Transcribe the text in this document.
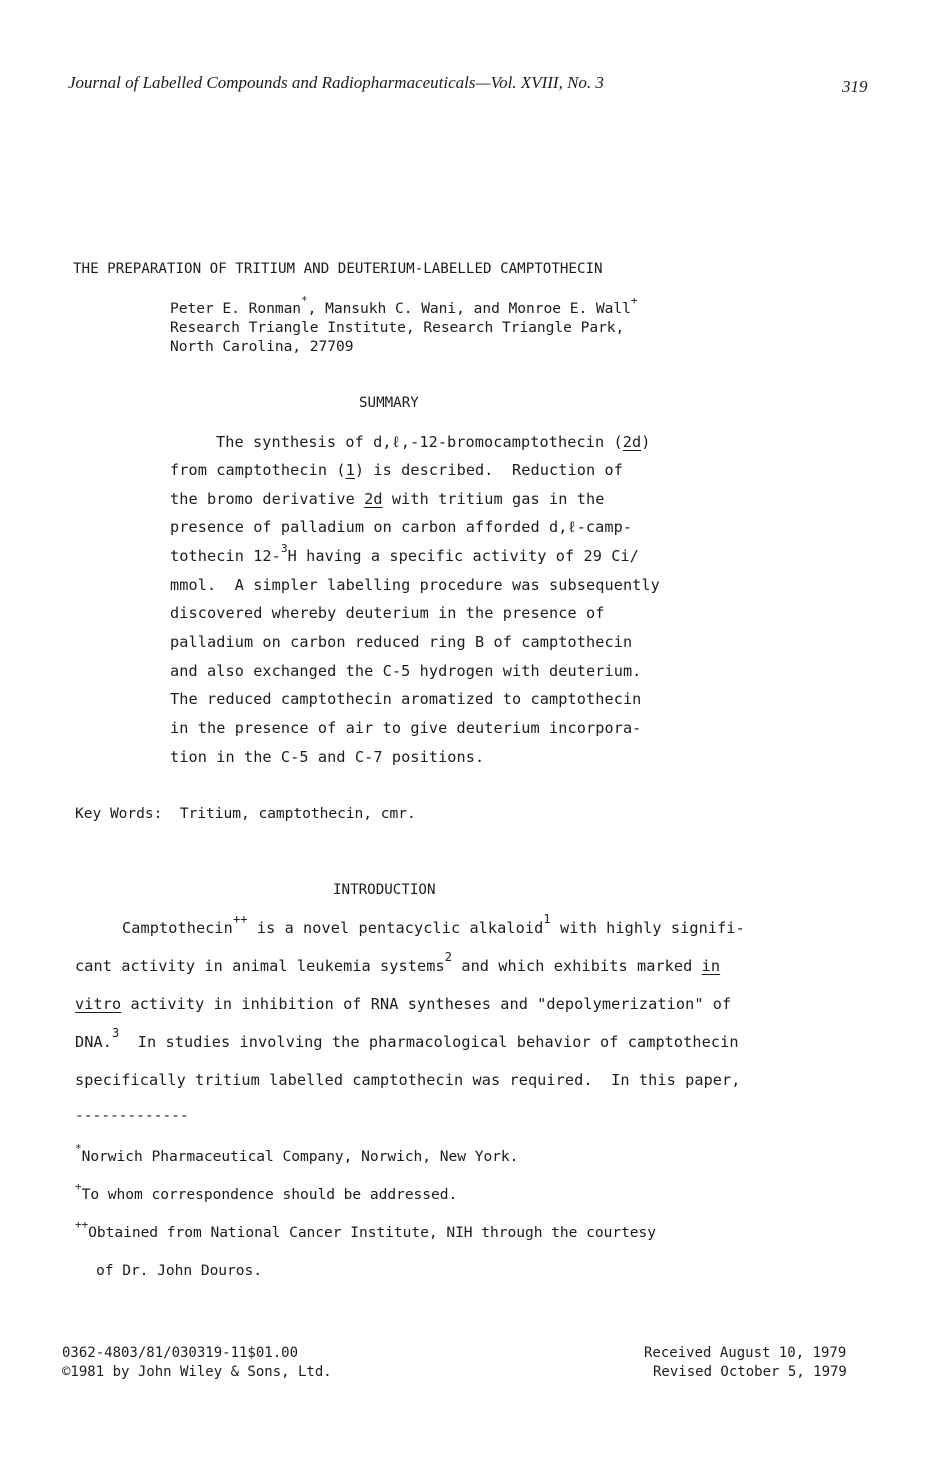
Journal of Labelled Compounds and Radiopharmaceuticals—Vol. XVIII, No. 3	319
THE PREPARATION OF TRITIUM AND DEUTERIUM-LABELLED CAMPTOTHECIN
Peter E. Ronman*, Mansukh C. Wani, and Monroe E. Wall+
Research Triangle Institute, Research Triangle Park,
North Carolina, 27709
SUMMARY
The synthesis of d,ℓ,-12-bromocamptothecin (2d)
from camptothecin (1) is described.  Reduction of
the bromo derivative 2d with tritium gas in the
presence of palladium on carbon afforded d,ℓ-camp-
tothecin 12-$^3$H having a specific activity of 29 Ci/
mmol.  A simpler labelling procedure was subsequently
discovered whereby deuterium in the presence of
palladium on carbon reduced ring B of camptothecin
and also exchanged the C-5 hydrogen with deuterium.
The reduced camptothecin aromatized to camptothecin
in the presence of air to give deuterium incorpora-
tion in the C-5 and C-7 positions.
Key Words:  Tritium, camptothecin, cmr.
INTRODUCTION
Camptothecin++ is a novel pentacyclic alkaloid$^1$ with highly signifi-
cant activity in animal leukemia systems$^2$ and which exhibits marked in
vitro activity in inhibition of RNA syntheses and "depolymerization" of
DNA.$^3$  In studies involving the pharmacological behavior of camptothecin
specifically tritium labelled camptothecin was required.  In this paper,
-------------
*Norwich Pharmaceutical Company, Norwich, New York.
+To whom correspondence should be addressed.
++Obtained from National Cancer Institute, NIH through the courtesy
of Dr. John Douros.
0362-4803/81/030319-11$01.00
©1981 by John Wiley & Sons, Ltd.
Received August 10, 1979
Revised October 5, 1979
